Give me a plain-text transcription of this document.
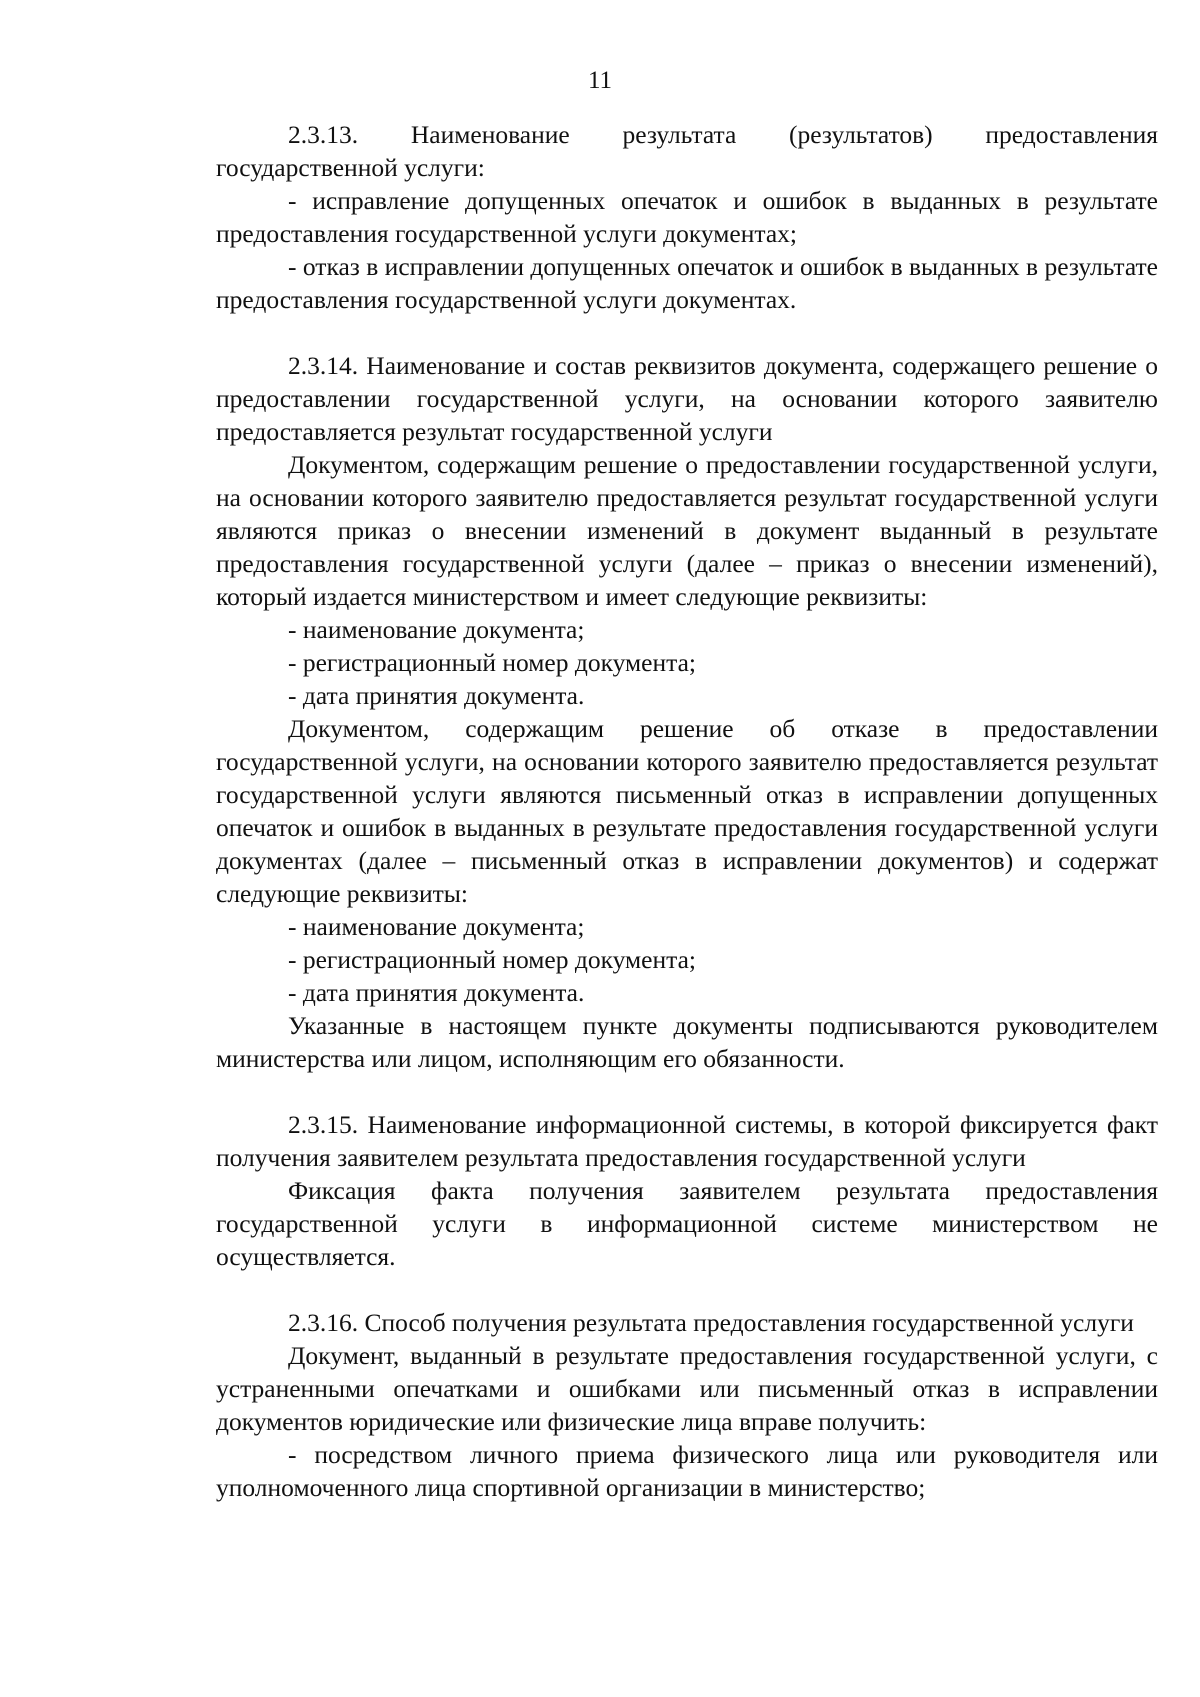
11

2.3.13. Наименование результата (результатов) предоставления государственной услуги:

- исправление допущенных опечаток и ошибок в выданных в результате предоставления государственной услуги документах;

- отказ в исправлении допущенных опечаток и ошибок в выданных в результате предоставления государственной услуги документах.

2.3.14. Наименование и состав реквизитов документа, содержащего решение о предоставлении государственной услуги, на основании которого заявителю предоставляется результат государственной услуги

Документом, содержащим решение о предоставлении государственной услуги, на основании которого заявителю предоставляется результат государственной услуги являются приказ о внесении изменений в документ выданный в результате предоставления государственной услуги (далее – приказ о внесении изменений), который издается министерством и имеет следующие реквизиты:

- наименование документа;

- регистрационный номер документа;

- дата принятия документа.

Документом, содержащим решение об отказе в предоставлении государственной услуги, на основании которого заявителю предоставляется результат государственной услуги являются письменный отказ в исправлении допущенных опечаток и ошибок в выданных в результате предоставления государственной услуги документах (далее – письменный отказ в исправлении документов) и содержат следующие реквизиты:

- наименование документа;

- регистрационный номер документа;

- дата принятия документа.

Указанные в настоящем пункте документы подписываются руководителем министерства или лицом, исполняющим его обязанности.

2.3.15. Наименование информационной системы, в которой фиксируется факт получения заявителем результата предоставления государственной услуги

Фиксация факта получения заявителем результата предоставления государственной услуги в информационной системе министерством не осуществляется.

2.3.16. Способ получения результата предоставления государственной услуги

Документ, выданный в результате предоставления государственной услуги, с устраненными опечатками и ошибками или письменный отказ в исправлении документов юридические или физические лица вправе получить:

- посредством личного приема физического лица или руководителя или уполномоченного лица спортивной организации в министерство;
